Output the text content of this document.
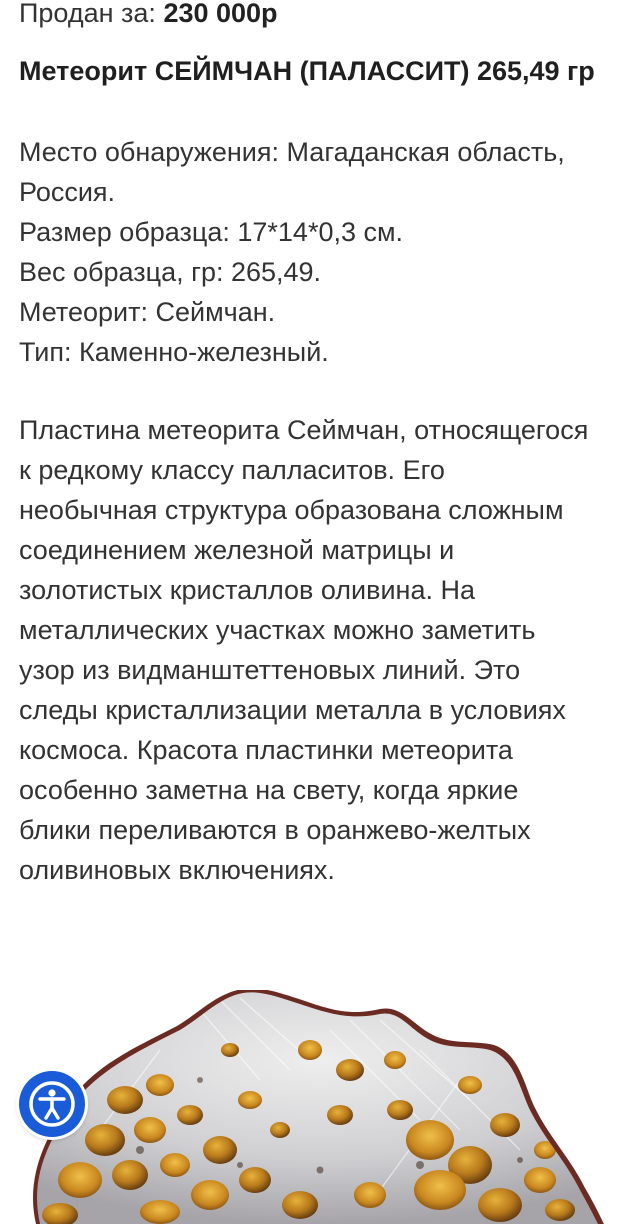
Продан за: 230 000р
Метеорит СЕЙМЧАН (ПАЛАССИТ) 265,49 гр
Место обнаружения: Магаданская область,
Россия.
Размер образца: 17*14*0,3 см.
Вес образца, гр: 265,49.
Метеорит: Сеймчан.
Тип: Каменно-железный.
Пластина метеорита Сеймчан, относящегося
к редкому классу палласитов. Его
необычная структура образована сложным
соединением железной матрицы и
золотистых кристаллов оливина. На
металлических участках можно заметить
узор из видманштеттеновых линий. Это
следы кристаллизации металла в условиях
космоса. Красота пластинки метеорита
особенно заметна на свету, когда яркие
блики переливаются в оранжево-желтых
оливиновых включениях.
